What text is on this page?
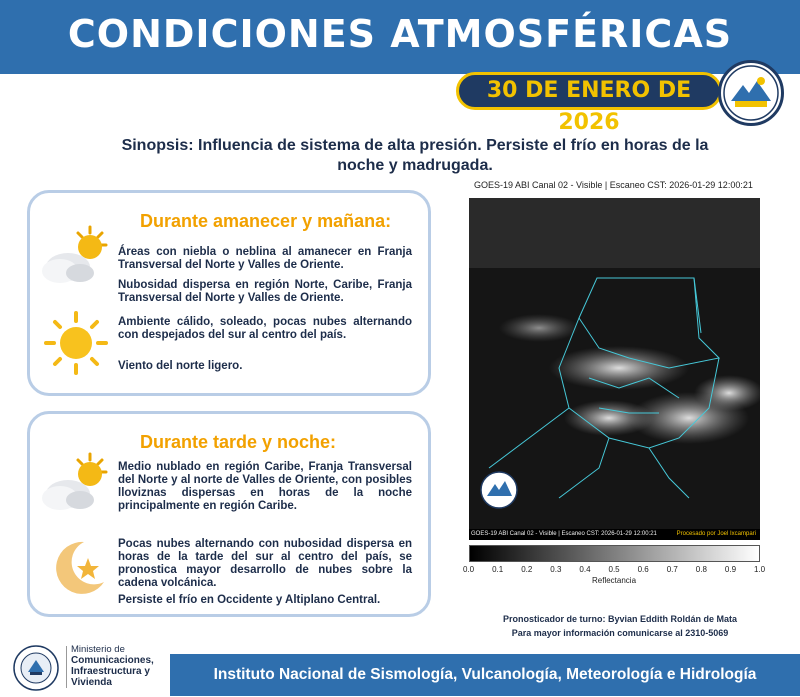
CONDICIONES ATMOSFÉRICAS
30 DE ENERO DE 2026
Sinopsis: Influencia de sistema de alta presión. Persiste el frío en horas de la
noche y madrugada.
Durante amanecer y mañana:

Áreas con niebla o neblina al amanecer en Franja Transversal del Norte y Valles de Oriente.

Nubosidad dispersa en región Norte, Caribe, Franja Transversal del Norte y Valles de Oriente.

Ambiente cálido, soleado, pocas nubes alternando con despejados del sur al centro del país.

Viento del norte ligero.

Durante tarde y noche:

Medio nublado en región Caribe, Franja Transversal del Norte y al norte de Valles de Oriente, con posibles lloviznas dispersas en horas de la noche principalmente en región Caribe.

Pocas nubes alternando con nubosidad dispersa en horas de la tarde del sur al centro del país, se pronostica mayor desarrollo de nubes sobre la cadena volcánica.

Persiste el frío en Occidente y Altiplano Central.

GOES-19 ABI Canal 02 - Visible | Escaneo CST: 2026-01-29 12:00:21
GOES-19 ABI Canal 02 - Visible | Escaneo CST: 2026-01-29 12:00:21	Procesado por Joel Ixcampari
0.0 0.1 0.2 0.3 0.4 0.5 0.6 0.7 0.8 0.9 1.0
Reflectancia
Pronosticador de turno: Byvian Eddith Roldán de Mata
Para mayor información comunicarse al 2310-5069
Ministerio de
Comunicaciones,
Infraestructura y
Vivienda	Instituto Nacional de Sismología, Vulcanología, Meteorología e Hidrología
